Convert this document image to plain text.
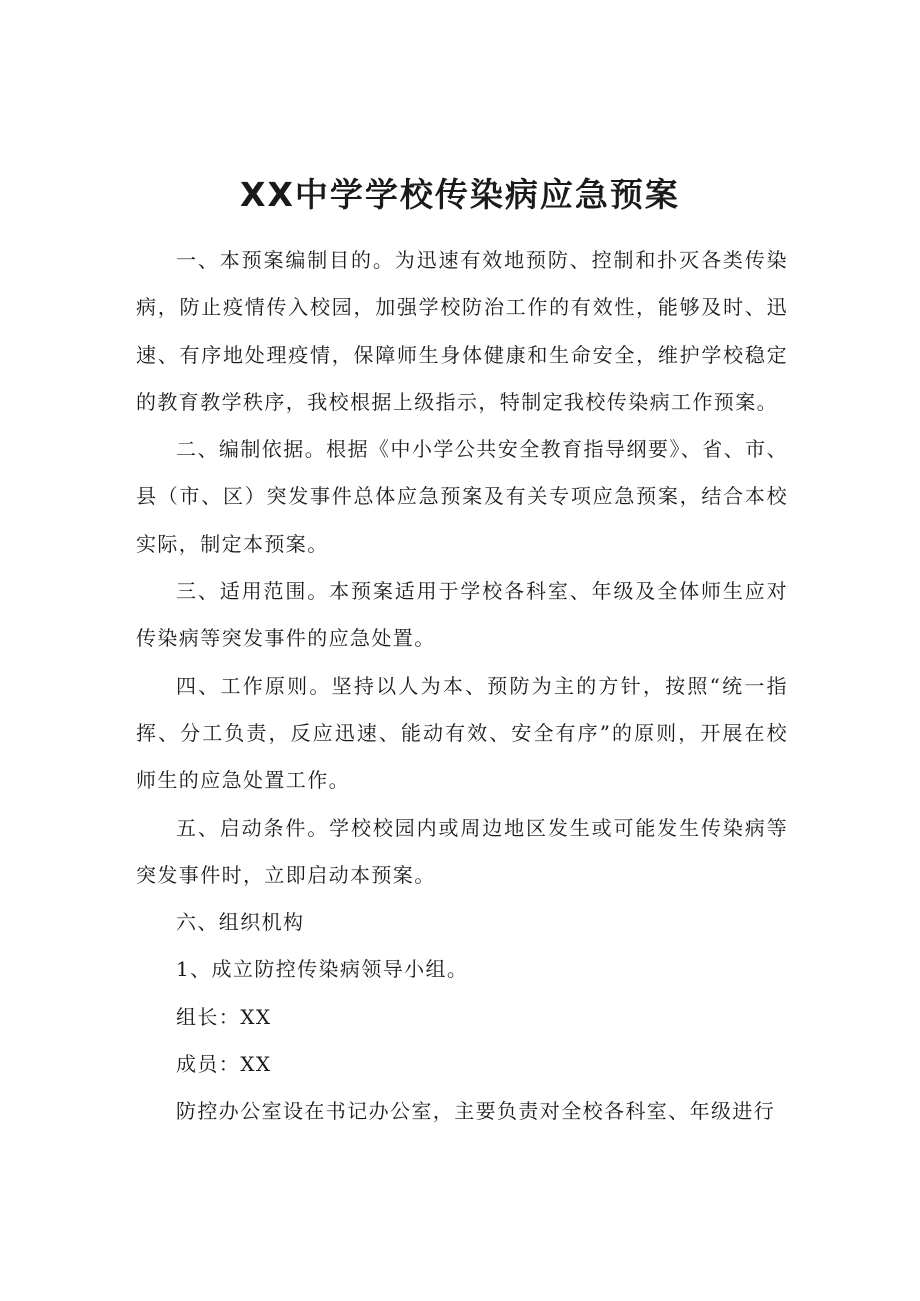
XX中学学校传染病应急预案

一、本预案编制目的。为迅速有效地预防、控制和扑灭各类传染病，防止疫情传入校园，加强学校防治工作的有效性，能够及时、迅速、有序地处理疫情，保障师生身体健康和生命安全，维护学校稳定的教育教学秩序，我校根据上级指示，特制定我校传染病工作预案。

二、编制依据。根据《中小学公共安全教育指导纲要》、省、市、县（市、区）突发事件总体应急预案及有关专项应急预案，结合本校实际，制定本预案。

三、适用范围。本预案适用于学校各科室、年级及全体师生应对传染病等突发事件的应急处置。

四、工作原则。坚持以人为本、预防为主的方针，按照“统一指挥、分工负责，反应迅速、能动有效、安全有序”的原则，开展在校师生的应急处置工作。

五、启动条件。学校校园内或周边地区发生或可能发生传染病等突发事件时，立即启动本预案。

六、组织机构

1、成立防控传染病领导小组。

组长：XX

成员：XX

防控办公室设在书记办公室，主要负责对全校各科室、年级进行
